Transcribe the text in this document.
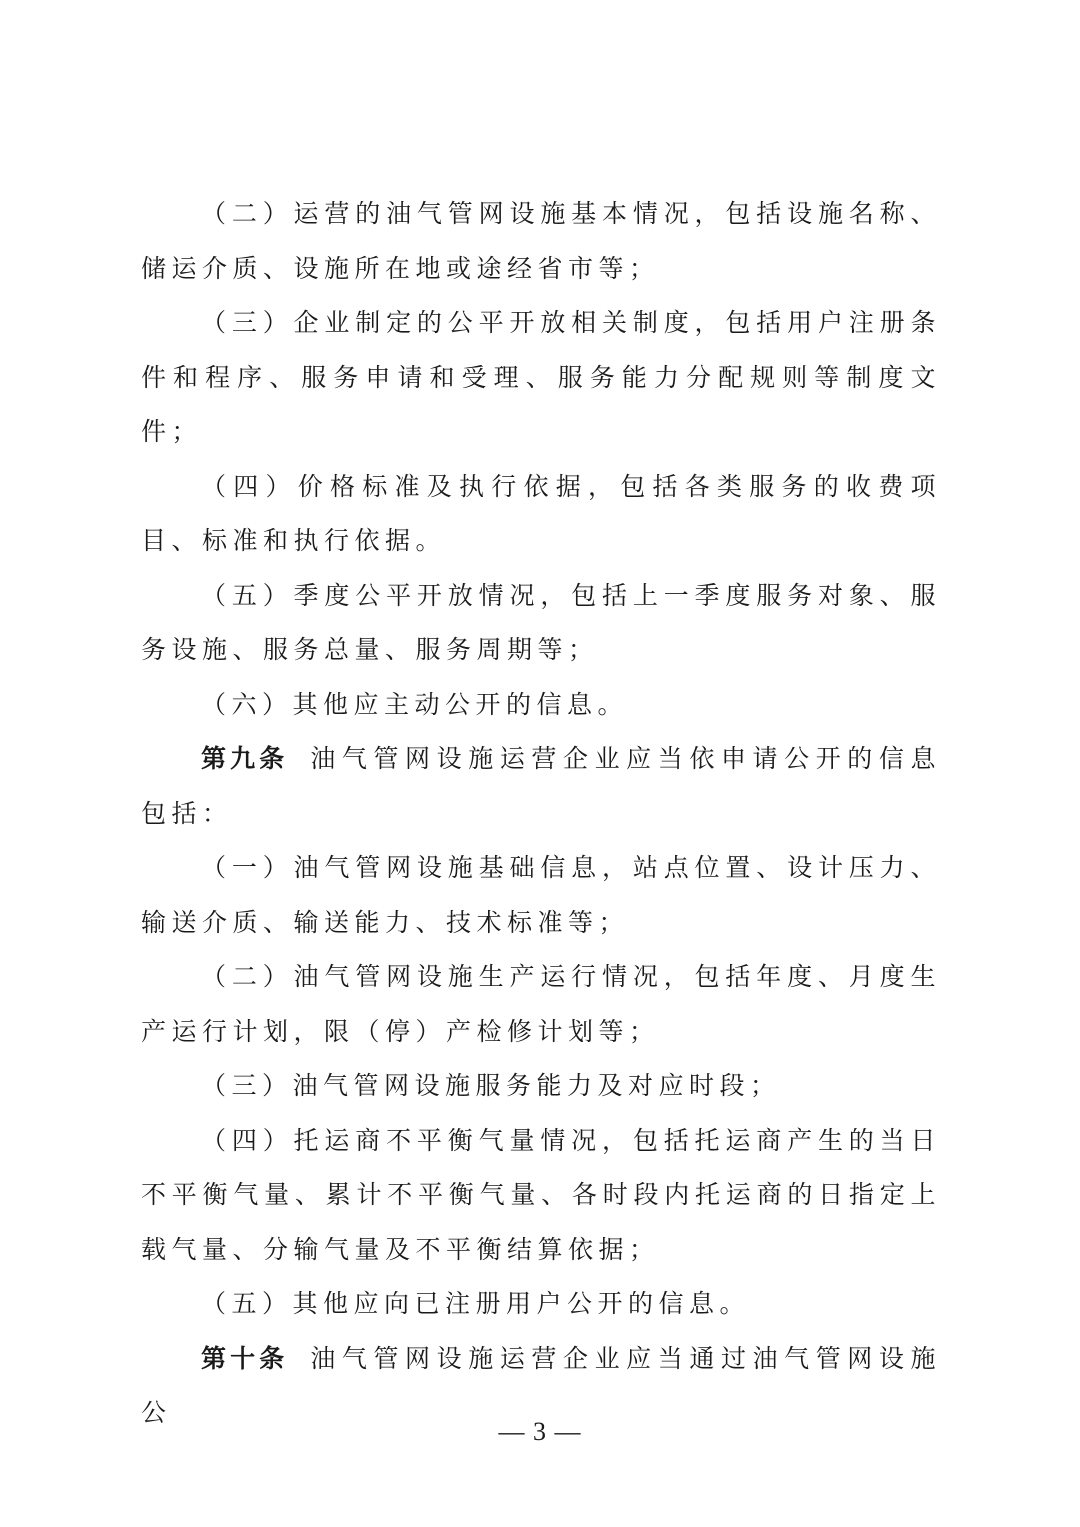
（二）运营的油气管网设施基本情况，包括设施名称、储运介质、设施所在地或途经省市等；

（三）企业制定的公平开放相关制度，包括用户注册条件和程序、服务申请和受理、服务能力分配规则等制度文件；

（四）价格标准及执行依据，包括各类服务的收费项目、标准和执行依据。

（五）季度公平开放情况，包括上一季度服务对象、服务设施、服务总量、服务周期等；

（六）其他应主动公开的信息。

第九条 油气管网设施运营企业应当依申请公开的信息包括：

（一）油气管网设施基础信息，站点位置、设计压力、输送介质、输送能力、技术标准等；

（二）油气管网设施生产运行情况，包括年度、月度生产运行计划，限（停）产检修计划等；

（三）油气管网设施服务能力及对应时段；

（四）托运商不平衡气量情况，包括托运商产生的当日不平衡气量、累计不平衡气量、各时段内托运商的日指定上载气量、分输气量及不平衡结算依据；

（五）其他应向已注册用户公开的信息。

第十条 油气管网设施运营企业应当通过油气管网设施公

— 3 —
